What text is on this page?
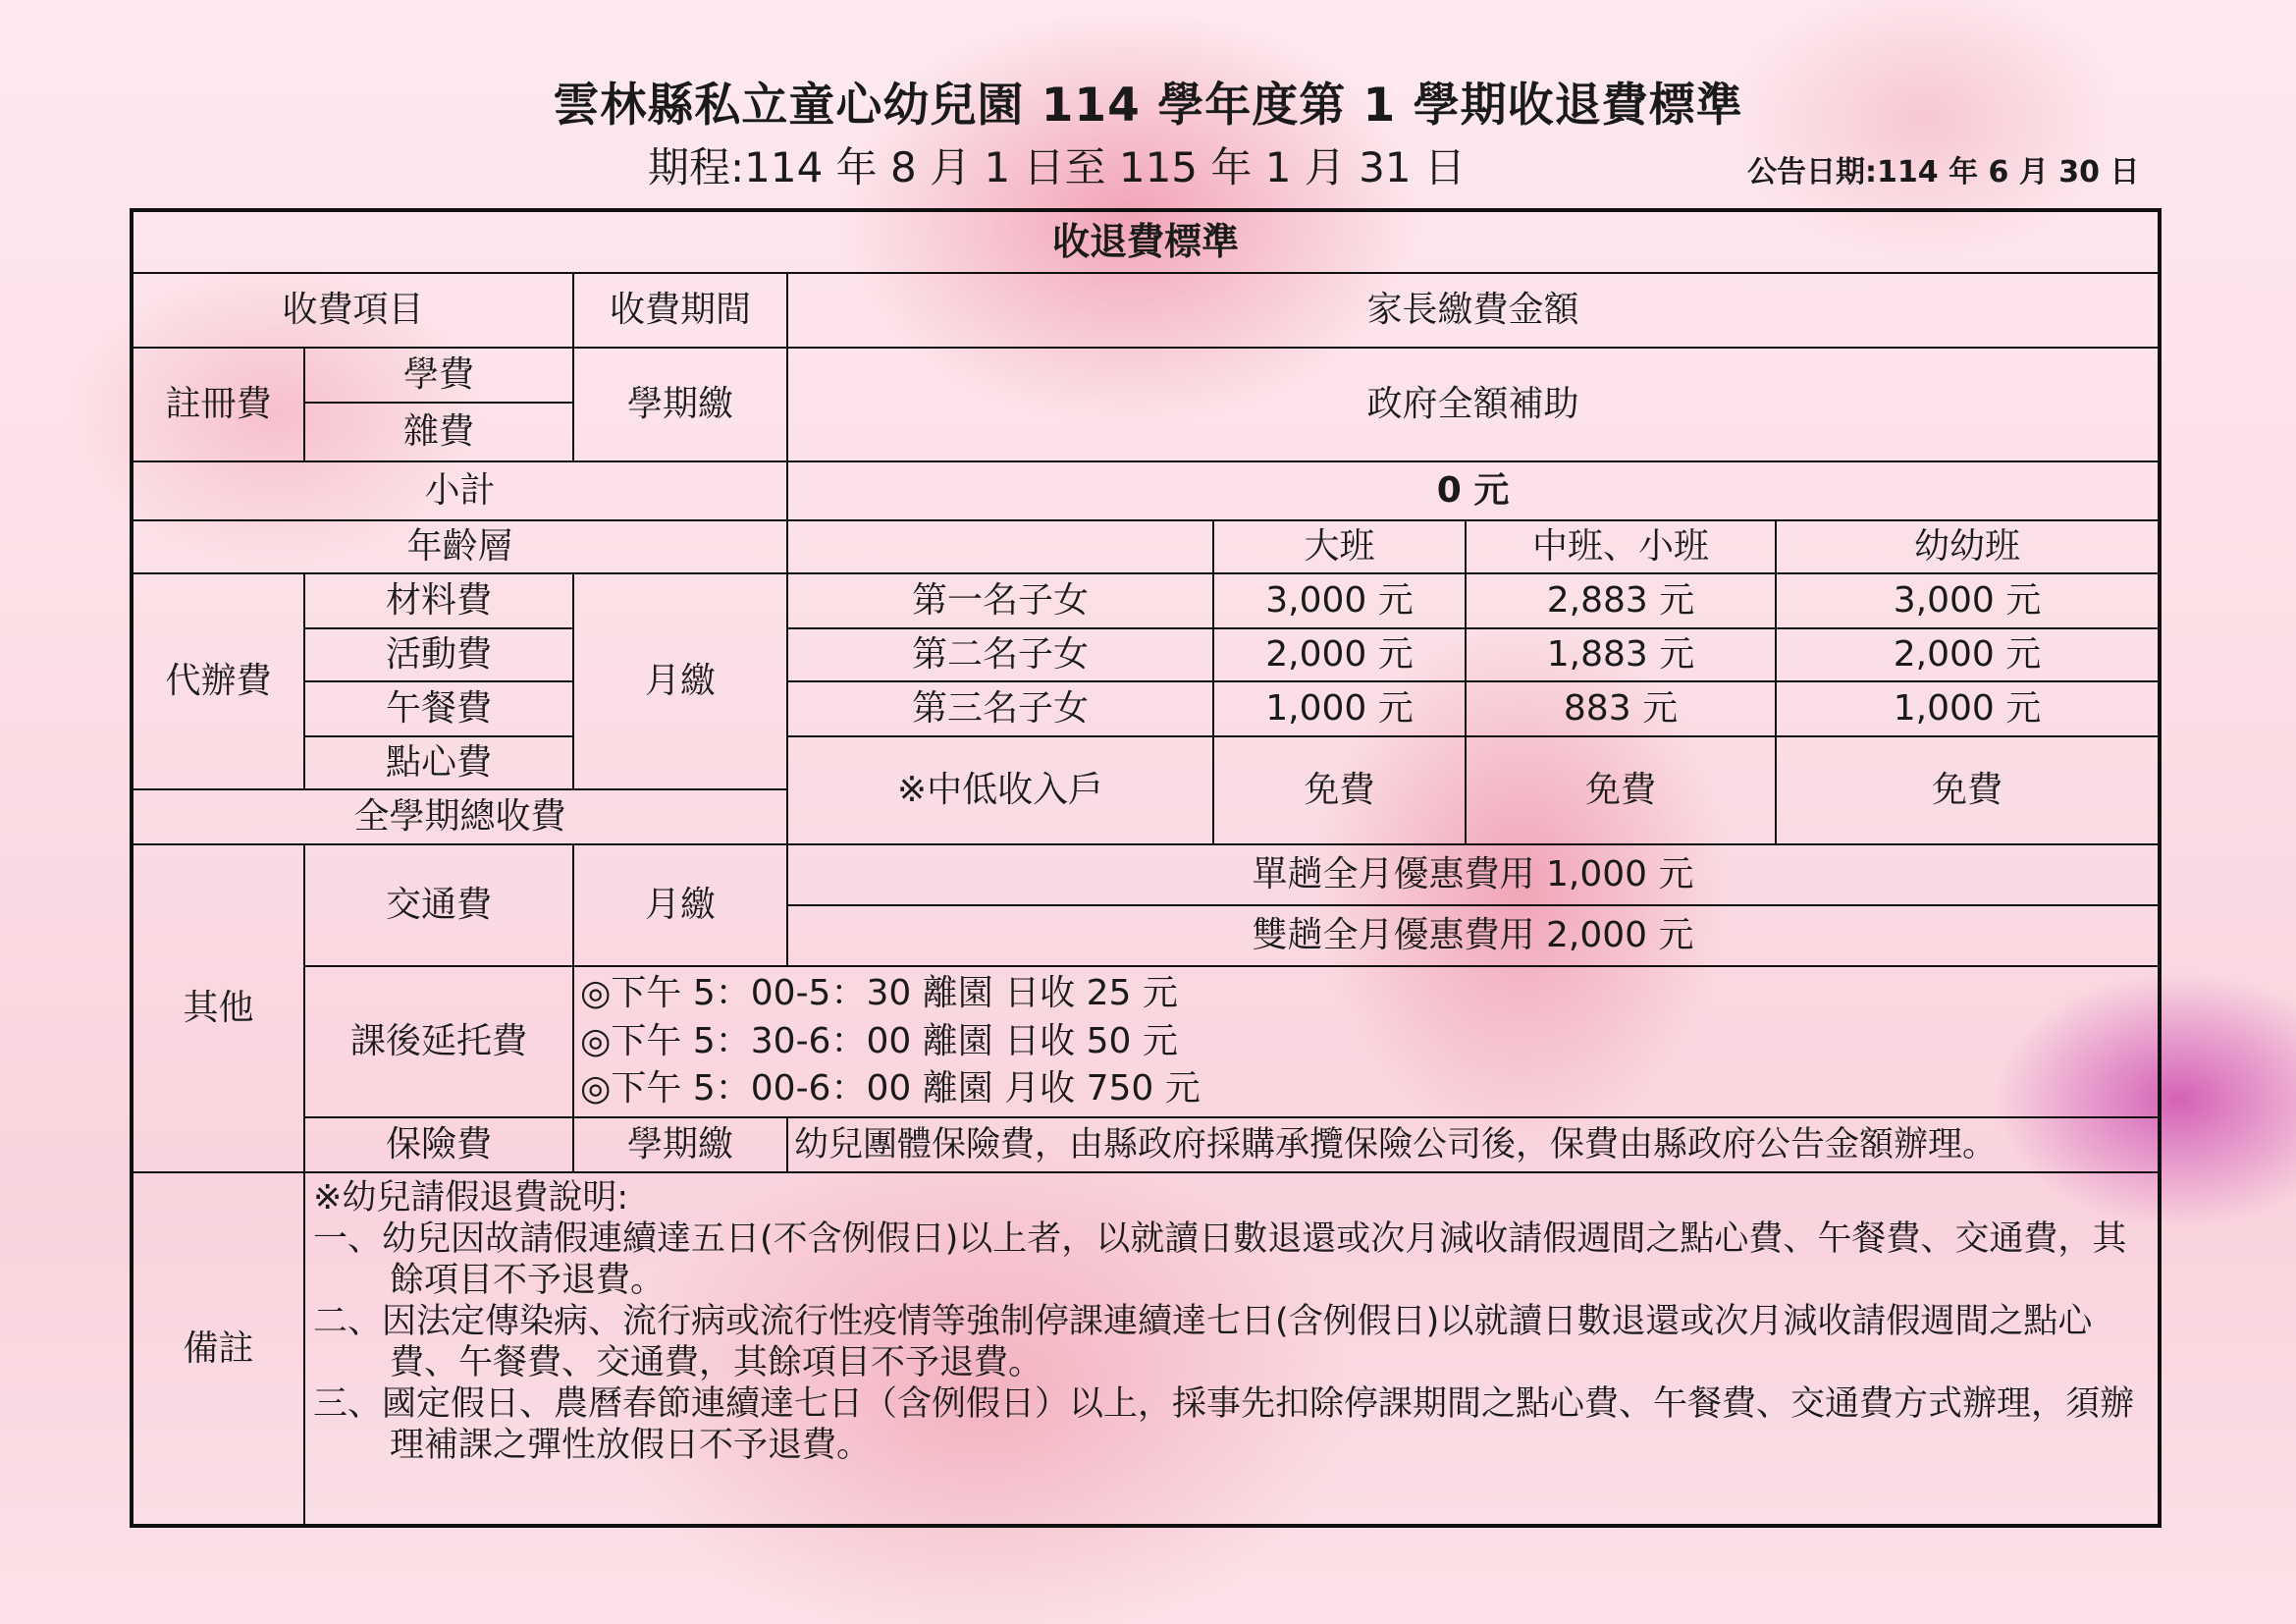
雲林縣私立童心幼兒園 114 學年度第 1 學期收退費標準
期程:114 年 8 月 1 日至 115 年 1 月 31 日	公告日期:114 年 6 月 30 日
收退費標準						
收費項目		收費期間	家長繳費金額			
註冊費	學費	學期繳	政府全額補助			
	雜費					
小計			0 元			
年齡層				大班	中班、小班	幼幼班
代辦費	材料費	月繳	第一名子女	3,000 元	2,883 元	3,000 元
	活動費		第二名子女	2,000 元	1,883 元	2,000 元
	午餐費		第三名子女	1,000 元	883 元	1,000 元
	點心費		※中低收入戶	免費	免費	免費
全學期總收費						
其他	交通費	月繳	單趟全月優惠費用 1,000 元			
			雙趟全月優惠費用 2,000 元			
	課後延托費	◎下午 5：00-5：30 離園 日收 25 元
◎下午 5：30-6：00 離園 日收 50 元
◎下午 5：00-6：00 離園 月收 750 元				

	保險費	學期繳	幼兒團體保險費，由縣政府採購承攬保險公司後，保費由縣政府公告金額辦理。			

備註	※幼兒請假退費說明:
一、幼兒因故請假連續達五日(不含例假日)以上者，以就讀日數退還或次月減收請假週間之點心費、午餐費、交通費，其餘項目不予退費。
二、因法定傳染病、流行病或流行性疫情等強制停課連續達七日(含例假日)以就讀日數退還或次月減收請假週間之點心費、午餐費、交通費，其餘項目不予退費。
三、國定假日、農曆春節連續達七日（含例假日）以上，採事先扣除停課期間之點心費、午餐費、交通費方式辦理，須辦理補課之彈性放假日不予退費。					
